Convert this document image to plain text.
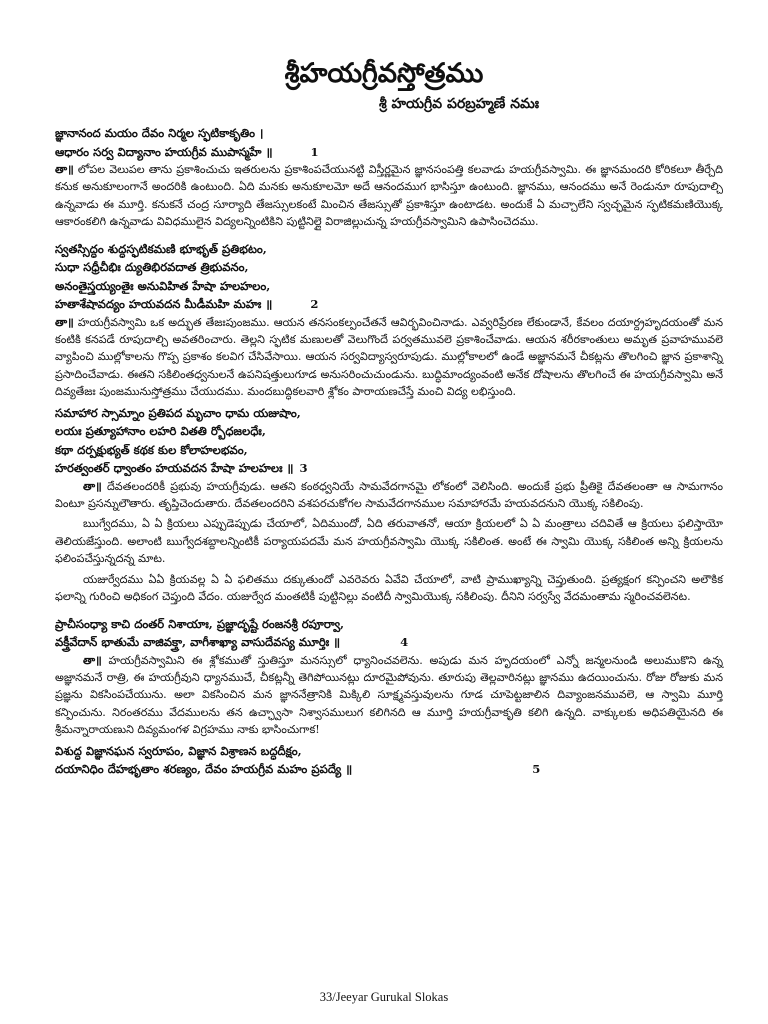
శ్రీహయగ్రీవస్తోత్రము
శ్రీ హయగ్రీవ పరబ్రహ్మణే నమః
జ్ఞానానంద మయం దేవం నిర్మల స్ఫటికాకృతిం ।
ఆధారం సర్వ విద్యానాం హయగ్రీవ ముపాస్మహే ॥	1

తా॥ లోపల వెలుపల తాను ప్రకాశించుచు ఇతరులను ప్రకాశింపచేయునట్టి విస్తీర్ణమైన జ్ఞానసంపత్తి కలవాడు హయగ్రీవస్వామి. ఈ జ్ఞానమందరి కోరికలూ తీర్చేది కనుక అనుకూలంగానే అందరికి ఉంటుంది. ఏది మనకు అనుకూలమో అదే ఆనందముగ భాసిస్తూ ఉంటుంది. జ్ఞానము, ఆనందము అనే రెండునూ రూపుదాల్చి ఉన్నవాడు ఈ మూర్తి. కనుకనే చంద్ర సూర్యాది తేజస్సులకంటే మించిన తేజస్సుతో ప్రకాశిస్తూ ఉంటాడట. అందుకే ఏ మచ్చాలేని స్వచ్ఛమైన స్ఫటికమణియొక్క ఆకారంకలిగి ఉన్నవాడు వివిధములైన విద్యలన్నింటికిని పుట్టినిల్లై విరాజిల్లుచున్న హయగ్రీవస్వామిని ఉపాసించెదము.

స్వతస్సిద్ధం శుద్ధస్ఫటికమణి భూభృత్ ప్రతిభటం,
సుధా సధ్రీచీభిః ద్యుతిభిరవదాత త్రిభువనం,
అనంతైస్త్రయ్యంతైః అనువిహిత హేషా హలహలం,
హతాశేషావద్యం హయవదన మీడీమహి మహః ॥	2

తా॥ హయగ్రీవస్వామి ఒక అద్భుత తేజఃపుంజము. ఆయన తనసంకల్పంచేతనే ఆవిర్భవించినాడు. ఎవ్వరిప్రేరణ లేకుండానే, కేవలం దయార్ద్రహృదయంతో మన కంటికి కనపడే రూపుదాల్చి అవతరించారు. తెల్లని స్ఫటిక మణులతో వెలుగొందే పర్వతమువలె ప్రకాశించేవాడు. ఆయన శరీరకాంతులు అమృత ప్రవాహమువలె వ్యాపించి ముల్లోకాలను గొప్ప ప్రకాశం కలవిగ చేసివేసాయి. ఆయన సర్వవిద్యాస్వరూపుడు. ముల్లోకాలలో ఉండే అజ్ఞానమనే చీకట్లను తొలగించి జ్ఞాన ప్రకాశాన్ని ప్రసాదించేవాడు. ఈతని సకిలింతధ్వనులనే ఉపనిషత్తులుగూడ అనుసరించుచుండును. బుద్ధిమాంద్యంవంటి అనేక దోషాలను తొలగించే ఈ హయగ్రీవస్వామి అనే దివ్యతేజః పుంజమునుస్తోత్రము చేయుదము. మందబుద్ధికలవారి శ్లోకం పారాయణచేస్తే మంచి విద్య లభిస్తుంది.

సమాహార స్సామ్నాం ప్రతిపద మృచాం ధామ యజుషాం,
లయః ప్రత్యూహానాం లహరి వితతి ర్బోధజలధేః,
కథా దర్పక్షుభ్యత్ కథక కుల కోలాహలభవం,
హరత్వంతర్ ధ్వాంతం హయవదన హేషా హలహలః ॥ 3

తా॥ దేవతలందరికీ ప్రభువు హయగ్రీవుడు. ఆతని కంఠధ్వనియే సామవేదగానమై లోకంలో వెలిసింది. అందుకే ప్రభు ప్రీతికై దేవతలంతా ఆ సామగానం వింటూ ప్రసన్నులౌతారు. తృప్తిచెందుతారు. దేవతలందరిని వశపరచుకోగల సామవేదగానముల సమాహారమే హయవదనుని యొక్క సకిలింపు.

ఋగ్వేదము, ఏ ఏ క్రియలు ఎప్పుడెప్పుడు చేయాలో, ఏదిముందో, ఏది తరువాతనో, ఆయా క్రియలలో ఏ ఏ మంత్రాలు చదివితే ఆ క్రియలు ఫలిస్తాయో తెలియజేస్తుంది. అలాంటి ఋగ్వేదశబ్దాలన్నింటికీ పర్యాయపదమే మన హయగ్రీవస్వామి యొక్క సకిలింత. అంటే ఈ స్వామి యొక్క సకిలింత అన్ని క్రియలను ఫలింపచేస్తున్నదన్న మాట.

యజుర్వేదము ఏఏ క్రియవల్ల ఏ ఏ ఫలితము దక్కుతుందో ఎవరెవరు ఏవేవి చేయాలో, వాటి ప్రాముఖ్యాన్ని చెప్తుతుంది. ప్రత్యక్షంగ కన్పించని అలౌకిక ఫలాన్ని గురించి అధికంగ చెప్తుంది వేదం. యజుర్వేద మంతటికీ పుట్టినిల్లు వంటిదీ స్వామియొక్క సకిలింపు. దీనిని సర్వస్వే వేదమంతామ స్మరించవలెనట.

ప్రాచీసంధ్యా కాచి దంతర్ నిశాయాః, ప్రజ్ఞాదృష్టే రంజనశ్రీ రపూర్వా,
వక్త్రీవేదాన్ భాతుమే వాజివక్త్రా, వాగీశాఖ్యా వాసుదేవస్య మూర్తిః ॥	4

తా॥ హయగ్రీవస్వామిని ఈ శ్లోకముతో స్తుతిస్తూ మనస్సులో ధ్యానించవలెను. అపుడు మన హృదయంలో ఎన్నో జన్మలనుండి అలుముకొని ఉన్న అజ్ఞానమనే రాత్రి, ఈ హయగ్రీవుని ధ్యానముచే, చీకట్లన్నీ తెగిపోయినట్లు దూరమైపోవును. తూరుపు తెల్లవారినట్లు జ్ఞానము ఉదయించును. రోజు రోజుకు మన ప్రజ్ఞను వికసింపచేయును. అలా వికసించిన మన జ్ఞాననేత్రానికి మిక్కిలి సూక్ష్మవస్తువులను గూడ చూపెట్టజాలిన దివ్యాంజనమువలె, ఆ స్వామి మూర్తి కన్పించును. నిరంతరము వేదములను తన ఉచ్ఛ్వాసా నిశ్వాసములుగ కలిగినది ఆ మూర్తి హయగ్రీవాకృతి కలిగి ఉన్నది. వాక్కులకు అధిపతియైనది ఈ శ్రీమన్నారాయణుని దివ్యమంగళ విగ్రహము నాకు భాసించుగాక!

విశుద్ధ విజ్ఞానఘన స్వరూపం, విజ్ఞాన విశ్రాణన బద్ధదీక్షం,
దయానిధిం దేహభృతాం శరణ్యం, దేవం హయగ్రీవ మహం ప్రపద్యే ॥	5
33/Jeeyar Gurukal Slokas
